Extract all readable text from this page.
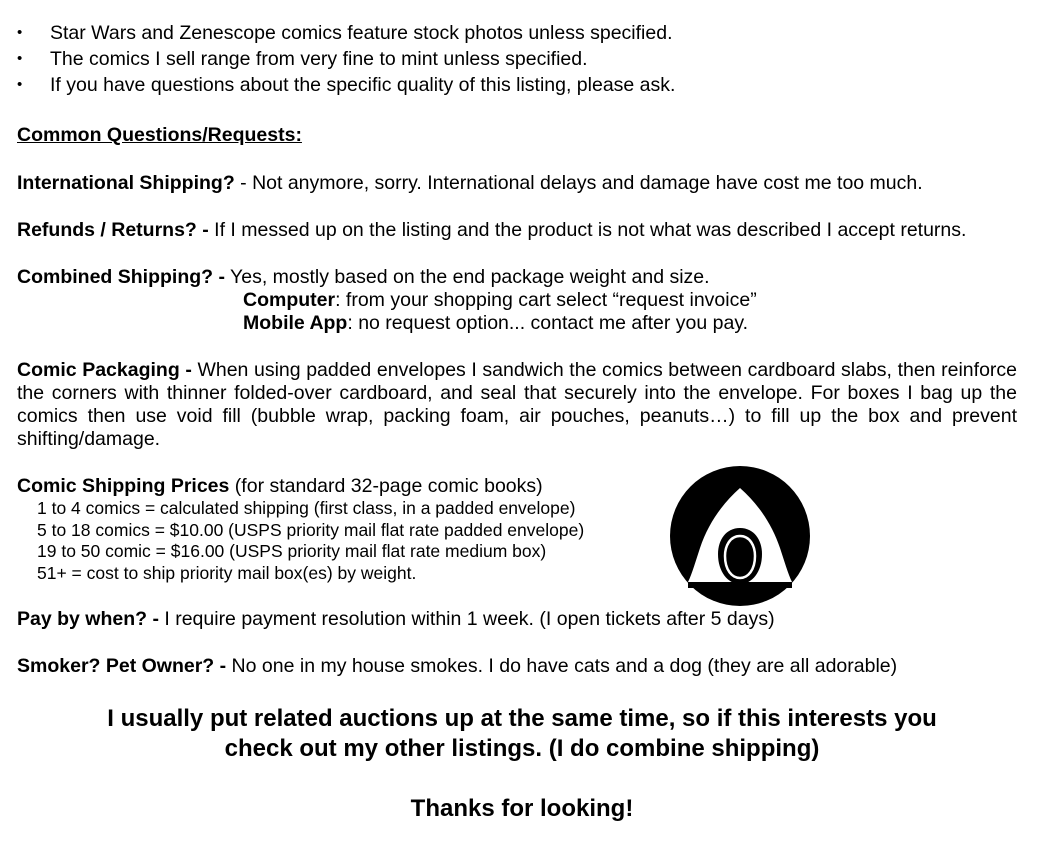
• Star Wars and Zenescope comics feature stock photos unless specified.
• The comics I sell range from very fine to mint unless specified.
• If you have questions about the specific quality of this listing, please ask.
Common Questions/Requests:
International Shipping? - Not anymore, sorry. International delays and damage have cost me too much.
Refunds / Returns? - If I messed up on the listing and the product is not what was described I accept returns.
Combined Shipping? - Yes, mostly based on the end package weight and size.
Computer: from your shopping cart select “request invoice”
Mobile App: no request option... contact me after you pay.
Comic Packaging - When using padded envelopes I sandwich the comics between cardboard slabs, then reinforce the corners with thinner folded-over cardboard, and seal that securely into the envelope. For boxes I bag up the comics then use void fill (bubble wrap, packing foam, air pouches, peanuts…) to fill up the box and prevent shifting/damage.
Comic Shipping Prices (for standard 32-page comic books)
1 to 4 comics = calculated shipping (first class, in a padded envelope)
5 to 18 comics = $10.00 (USPS priority mail flat rate padded envelope)
19 to 50 comic = $16.00 (USPS priority mail flat rate medium box)
51+ = cost to ship priority mail box(es) by weight.
Pay by when? - I require payment resolution within 1 week. (I open tickets after 5 days)
Smoker? Pet Owner? - No one in my house smokes. I do have cats and a dog (they are all adorable)
I usually put related auctions up at the same time, so if this interests you
check out my other listings. (I do combine shipping)
Thanks for looking!
